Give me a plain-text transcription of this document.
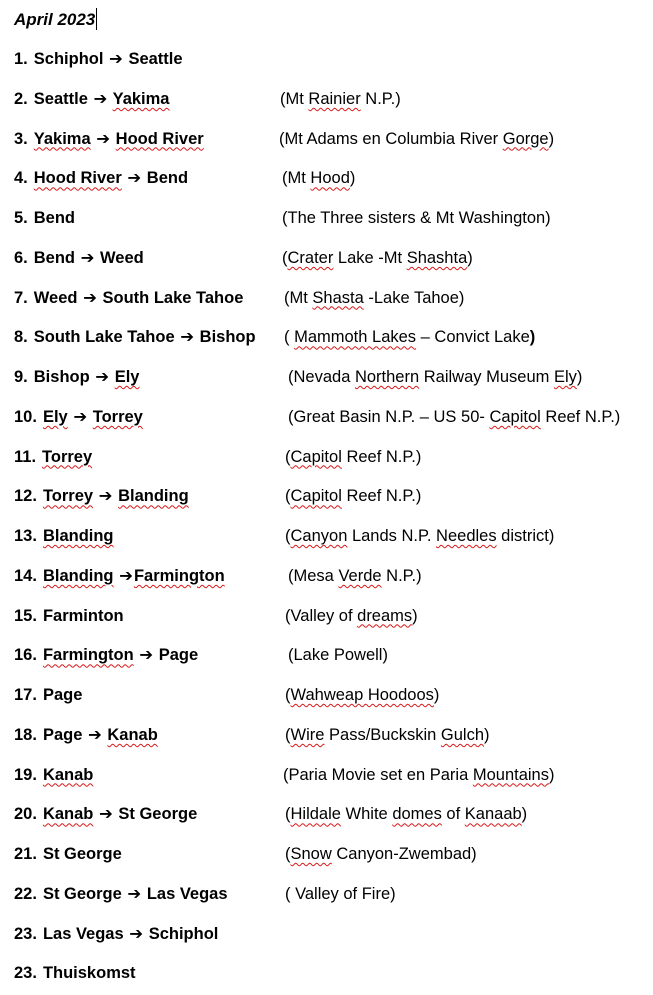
April 2023
1. Schiphol ➔ Seattle
2. Seattle ➔ Yakima	(Mt Rainier N.P.)
3. Yakima ➔ Hood River	(Mt Adams en Columbia River Gorge)
4. Hood River ➔ Bend	(Mt Hood)
5. Bend	(The Three sisters & Mt Washington)
6. Bend ➔ Weed	(Crater Lake -Mt Shashta)
7. Weed ➔ South Lake Tahoe (Mt Shasta -Lake Tahoe)
8. South Lake Tahoe ➔ Bishop ( Mammoth Lakes – Convict Lake)
9. Bishop ➔ Ely	(Nevada Northern Railway Museum Ely)
10. Ely ➔ Torrey	(Great Basin N.P. – US 50- Capitol Reef N.P.)
11. Torrey	(Capitol Reef N.P.)
12. Torrey ➔ Blanding	(Capitol Reef N.P.)
13. Blanding	(Canyon Lands N.P. Needles district)
14. Blanding ➔Farmington	(Mesa Verde N.P.)
15. Farminton	(Valley of dreams)
16. Farmington ➔ Page	(Lake Powell)
17. Page	(Wahweap Hoodoos)
18. Page ➔ Kanab	(Wire Pass/Buckskin Gulch)
19. Kanab	(Paria Movie set en Paria Mountains)
20. Kanab ➔ St George	(Hildale White domes of Kanaab)
21. St George	(Snow Canyon-Zwembad)
22. St George ➔ Las Vegas	( Valley of Fire)
23. Las Vegas ➔ Schiphol
23. Thuiskomst
